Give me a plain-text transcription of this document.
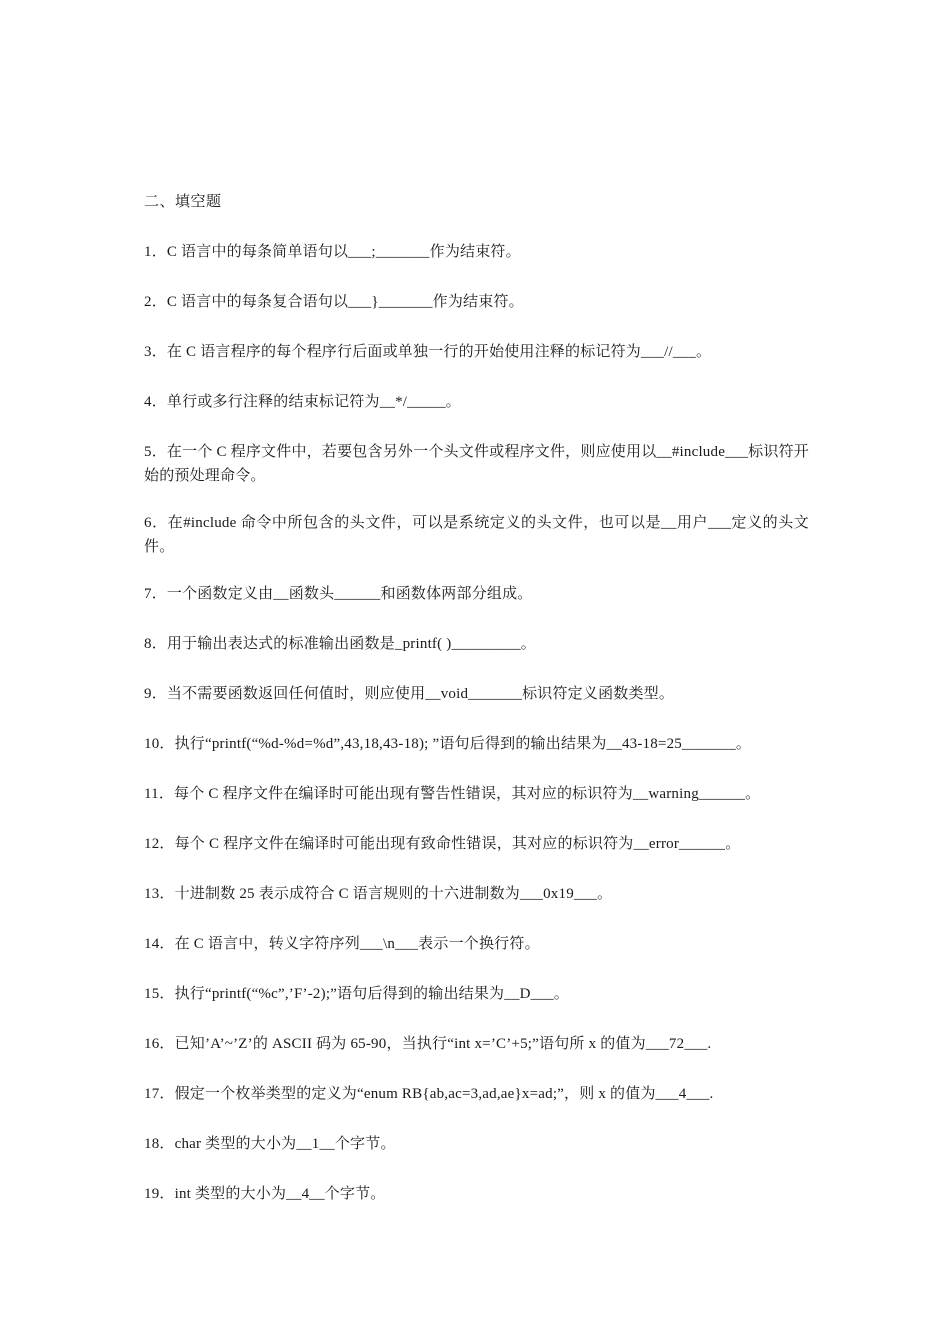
二、填空题
1．C 语言中的每条简单语句以___;_______作为结束符。
2．C 语言中的每条复合语句以___}_______作为结束符。
3．在 C 语言程序的每个程序行后面或单独一行的开始使用注释的标记符为___//___。
4．单行或多行注释的结束标记符为__*/_____。
5．在一个 C 程序文件中，若要包含另外一个头文件或程序文件，则应使用以__#include___标识符开始的预处理命令。
6．在#include 命令中所包含的头文件，可以是系统定义的头文件，也可以是__用户___定义的头文件。
7．一个函数定义由__函数头______和函数体两部分组成。
8．用于输出表达式的标准输出函数是_printf( )_________。
9．当不需要函数返回任何值时，则应使用__void_______标识符定义函数类型。
10．执行“printf(“%d-%d=%d”,43,18,43-18); ”语句后得到的输出结果为__43-18=25_______。
11．每个 C 程序文件在编译时可能出现有警告性错误，其对应的标识符为__warning______。
12．每个 C 程序文件在编译时可能出现有致命性错误，其对应的标识符为__error______。
13．十进制数 25 表示成符合 C 语言规则的十六进制数为___0x19___。
14．在 C 语言中，转义字符序列___\n___表示一个换行符。
15．执行“printf(“%c”,’F’-2);”语句后得到的输出结果为__D___。
16．已知’A’~’Z’的 ASCII 码为 65-90，当执行“int x=’C’+5;”语句所 x 的值为___72___.
17．假定一个枚举类型的定义为“enum RB{ab,ac=3,ad,ae}x=ad;”，则 x 的值为___4___.
18．char 类型的大小为__1__个字节。
19．int 类型的大小为__4__个字节。
